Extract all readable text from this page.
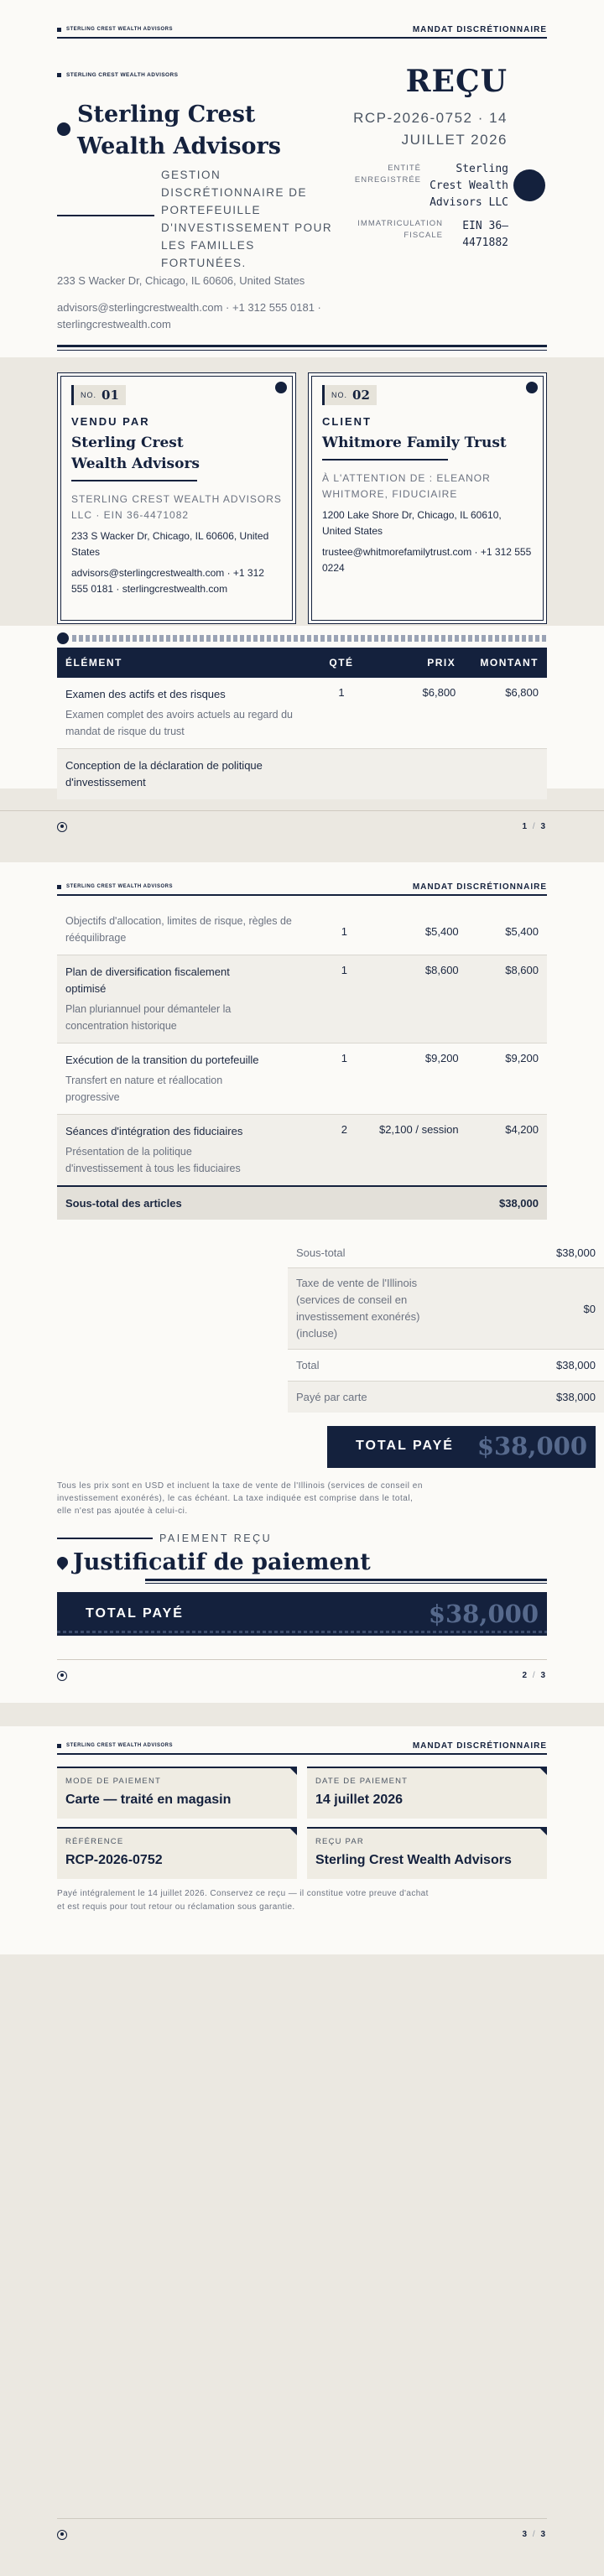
STERLING CREST WEALTH ADVISORS	MANDAT DISCRÉTIONNAIRE
STERLING CREST WEALTH ADVISORS
Sterling Crest
Wealth Advisors
GESTION DISCRÉTIONNAIRE DE PORTEFEUILLE D'INVESTISSEMENT POUR LES FAMILLES FORTUNÉES.
233 S Wacker Dr, Chicago, IL 60606, United States
advisors@sterlingcrestwealth.com · +1 312 555 0181 · sterlingcrestwealth.com
REÇU
RCP-2026-0752 · 14 JUILLET 2026
ENTITÉ ENREGISTRÉE
Sterling Crest Wealth Advisors LLC
IMMATRICULATION FISCALE
EIN 36–4471882
NO. 01
VENDU PAR
Sterling Crest
Wealth Advisors
STERLING CREST WEALTH ADVISORS LLC · EIN 36-4471082
233 S Wacker Dr, Chicago, IL 60606, United States
advisors@sterlingcrestwealth.com · +1 312 555 0181 · sterlingcrestwealth.com
NO. 02
CLIENT
Whitmore Family Trust
À L'ATTENTION DE : ELEANOR WHITMORE, FIDUCIAIRE
1200 Lake Shore Dr, Chicago, IL 60610, United States
trustee@whitmorefamilytrust.com · +1 312 555 0224
ÉLÉMENT	QTÉ	PRIX	MONTANT

Examen des actifs et des risques
Examen complet des avoirs actuels au regard du mandat de risque du trust	1	$6,800	$6,800

Conception de la déclaration de politique d'investissement			
1 / 3
STERLING CREST WEALTH ADVISORS	MANDAT DISCRÉTIONNAIRE
Objectifs d'allocation, limites de risque, règles de rééquilibrage	1	$5,400	$5,400

Plan de diversification fiscalement optimisé
Plan pluriannuel pour démanteler la concentration historique	1	$8,600	$8,600

Exécution de la transition du portefeuille
Transfert en nature et réallocation progressive	1	$9,200	$9,200

Séances d'intégration des fiduciaires
Présentation de la politique d'investissement à tous les fiduciaires	2	$2,100 / session	$4,200
Sous-total des articles			$38,000
Sous-total	$38,000
Taxe de vente de l'Illinois (services de conseil en investissement exonérés) (incluse)
$0
Total	$38,000
Payé par carte	$38,000
TOTAL PAYÉ $38,000
Tous les prix sont en USD et incluent la taxe de vente de l'Illinois (services de conseil en investissement exonérés), le cas échéant. La taxe indiquée est comprise dans le total, elle n'est pas ajoutée à celui-ci.
PAIEMENT REÇU
Justificatif de paiement
TOTAL PAYÉ	$38,000
2 / 3
STERLING CREST WEALTH ADVISORS	MANDAT DISCRÉTIONNAIRE
MODE DE PAIEMENT
Carte — traité en magasin
DATE DE PAIEMENT
14 juillet 2026
RÉFÉRENCE
RCP-2026-0752
REÇU PAR
Sterling Crest Wealth Advisors
Payé intégralement le 14 juillet 2026. Conservez ce reçu — il constitue votre preuve d'achat et est requis pour tout retour ou réclamation sous garantie.
3 / 3
